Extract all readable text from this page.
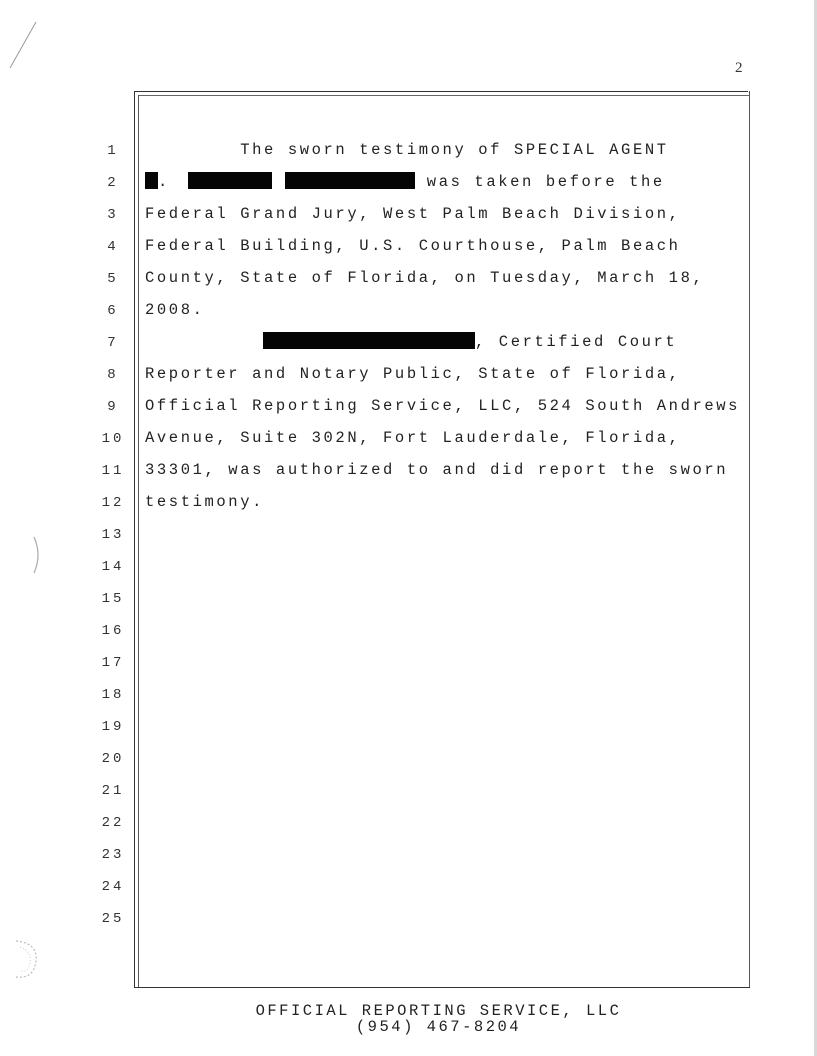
2
1
2
3
4
5
6
7
8
9
10
11
12
13
14
15
16
17
18
19
20
21
22
23
24
25
The sworn testimony of SPECIAL AGENT
.	was taken before the
Federal Grand Jury, West Palm Beach Division,
Federal Building, U.S. Courthouse, Palm Beach
County, State of Florida, on Tuesday, March 18,
2008.
, Certified Court
Reporter and Notary Public, State of Florida,
Official Reporting Service, LLC, 524 South Andrews
Avenue, Suite 302N, Fort Lauderdale, Florida,
33301, was authorized to and did report the sworn
testimony.
OFFICIAL REPORTING SERVICE, LLC
(954) 467-8204
